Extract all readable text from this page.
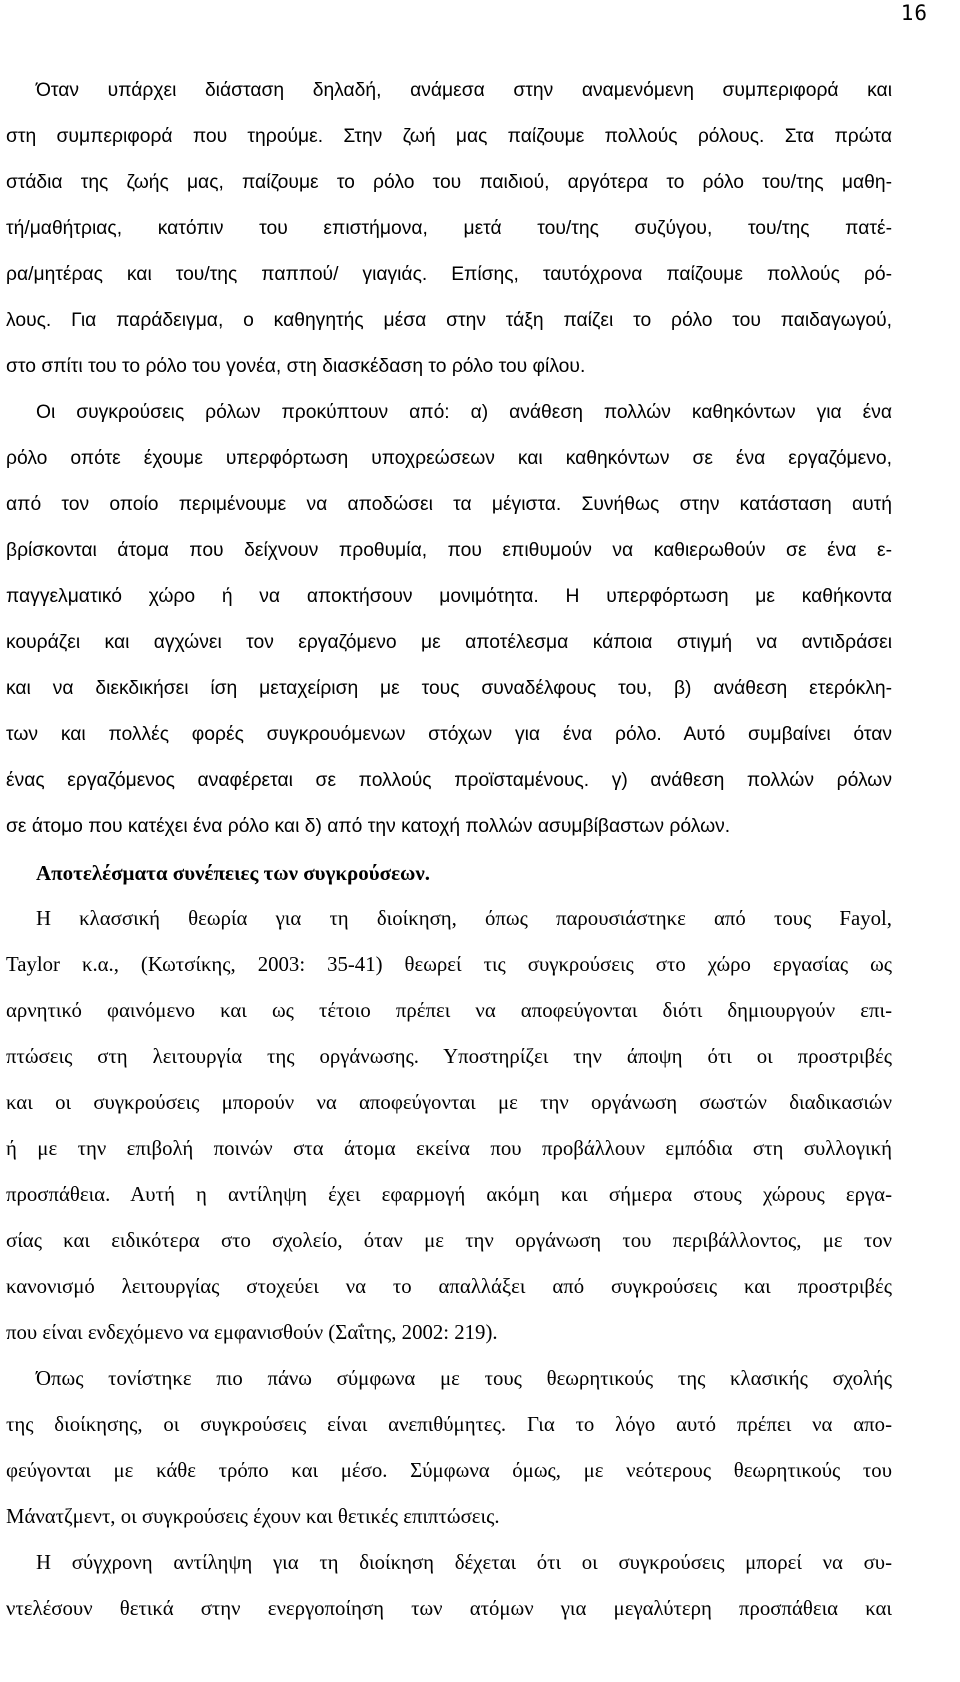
16

Όταν υπάρχει διάσταση δηλαδή, ανάμεσα στην αναμενόμενη συμπεριφορά και
στη συμπεριφορά που τηρούμε. Στην ζωή μας παίζουμε πολλούς ρόλους. Στα πρώτα
στάδια της ζωής μας, παίζουμε το ρόλο του παιδιού, αργότερα το ρόλο του/της μαθη-
τή/μαθήτριας, κατόπιν του επιστήμονα, μετά του/της συζύγου, του/της πατέ-
ρα/μητέρας και του/της παππού/ γιαγιάς. Επίσης, ταυτόχρονα παίζουμε πολλούς ρό-
λους. Για παράδειγμα, ο καθηγητής μέσα στην τάξη παίζει το ρόλο του παιδαγωγού,
στο σπίτι του το ρόλο του γονέα, στη διασκέδαση το ρόλο του φίλου.

Οι συγκρούσεις ρόλων προκύπτουν από: α) ανάθεση πολλών καθηκόντων για ένα
ρόλο οπότε έχουμε υπερφόρτωση υποχρεώσεων και καθηκόντων σε ένα εργαζόμενο,
από τον οποίο περιμένουμε να αποδώσει τα μέγιστα. Συνήθως στην κατάσταση αυτή
βρίσκονται άτομα που δείχνουν προθυμία, που επιθυμούν να καθιερωθούν σε ένα ε-
παγγελματικό χώρο ή να αποκτήσουν μονιμότητα. Η υπερφόρτωση με καθήκοντα
κουράζει και αγχώνει τον εργαζόμενο με αποτέλεσμα κάποια στιγμή να αντιδράσει
και να διεκδικήσει ίση μεταχείριση με τους συναδέλφους του, β) ανάθεση ετερόκλη-
των και πολλές φορές συγκρουόμενων στόχων για ένα ρόλο. Αυτό συμβαίνει όταν
ένας εργαζόμενος αναφέρεται σε πολλούς προϊσταμένους. γ) ανάθεση πολλών ρόλων
σε άτομο που κατέχει ένα ρόλο και δ) από την κατοχή πολλών ασυμβίβαστων ρόλων.

Αποτελέσματα συνέπειες των συγκρούσεων.

Η κλασσική θεωρία για τη διοίκηση, όπως παρουσιάστηκε από τους Fayol,
Taylor κ.α., (Κωτσίκης, 2003: 35-41) θεωρεί τις συγκρούσεις στο χώρο εργασίας ως
αρνητικό φαινόμενο και ως τέτοιο πρέπει να αποφεύγονται διότι δημιουργούν επι-
πτώσεις στη λειτουργία της οργάνωσης. Υποστηρίζει την άποψη ότι οι προστριβές
και οι συγκρούσεις μπορούν να αποφεύγονται με την οργάνωση σωστών διαδικασιών
ή με την επιβολή ποινών στα άτομα εκείνα που προβάλλουν εμπόδια στη συλλογική
προσπάθεια. Αυτή η αντίληψη έχει εφαρμογή ακόμη και σήμερα στους χώρους εργα-
σίας και ειδικότερα στο σχολείο, όταν με την οργάνωση του περιβάλλοντος, με τον
κανονισμό λειτουργίας στοχεύει να το απαλλάξει από συγκρούσεις και προστριβές
που είναι ενδεχόμενο να εμφανισθούν (Σαΐτης, 2002: 219).

Όπως τονίστηκε πιο πάνω σύμφωνα με τους θεωρητικούς της κλασικής σχολής
της διοίκησης, οι συγκρούσεις είναι ανεπιθύμητες. Για το λόγο αυτό πρέπει να απο-
φεύγονται με κάθε τρόπο και μέσο. Σύμφωνα όμως, με νεότερους θεωρητικούς του
Μάνατζμεντ, οι συγκρούσεις έχουν και θετικές επιπτώσεις.

Η σύγχρονη αντίληψη για τη διοίκηση δέχεται ότι οι συγκρούσεις μπορεί να συ-
ντελέσουν θετικά στην ενεργοποίηση των ατόμων για μεγαλύτερη προσπάθεια και
